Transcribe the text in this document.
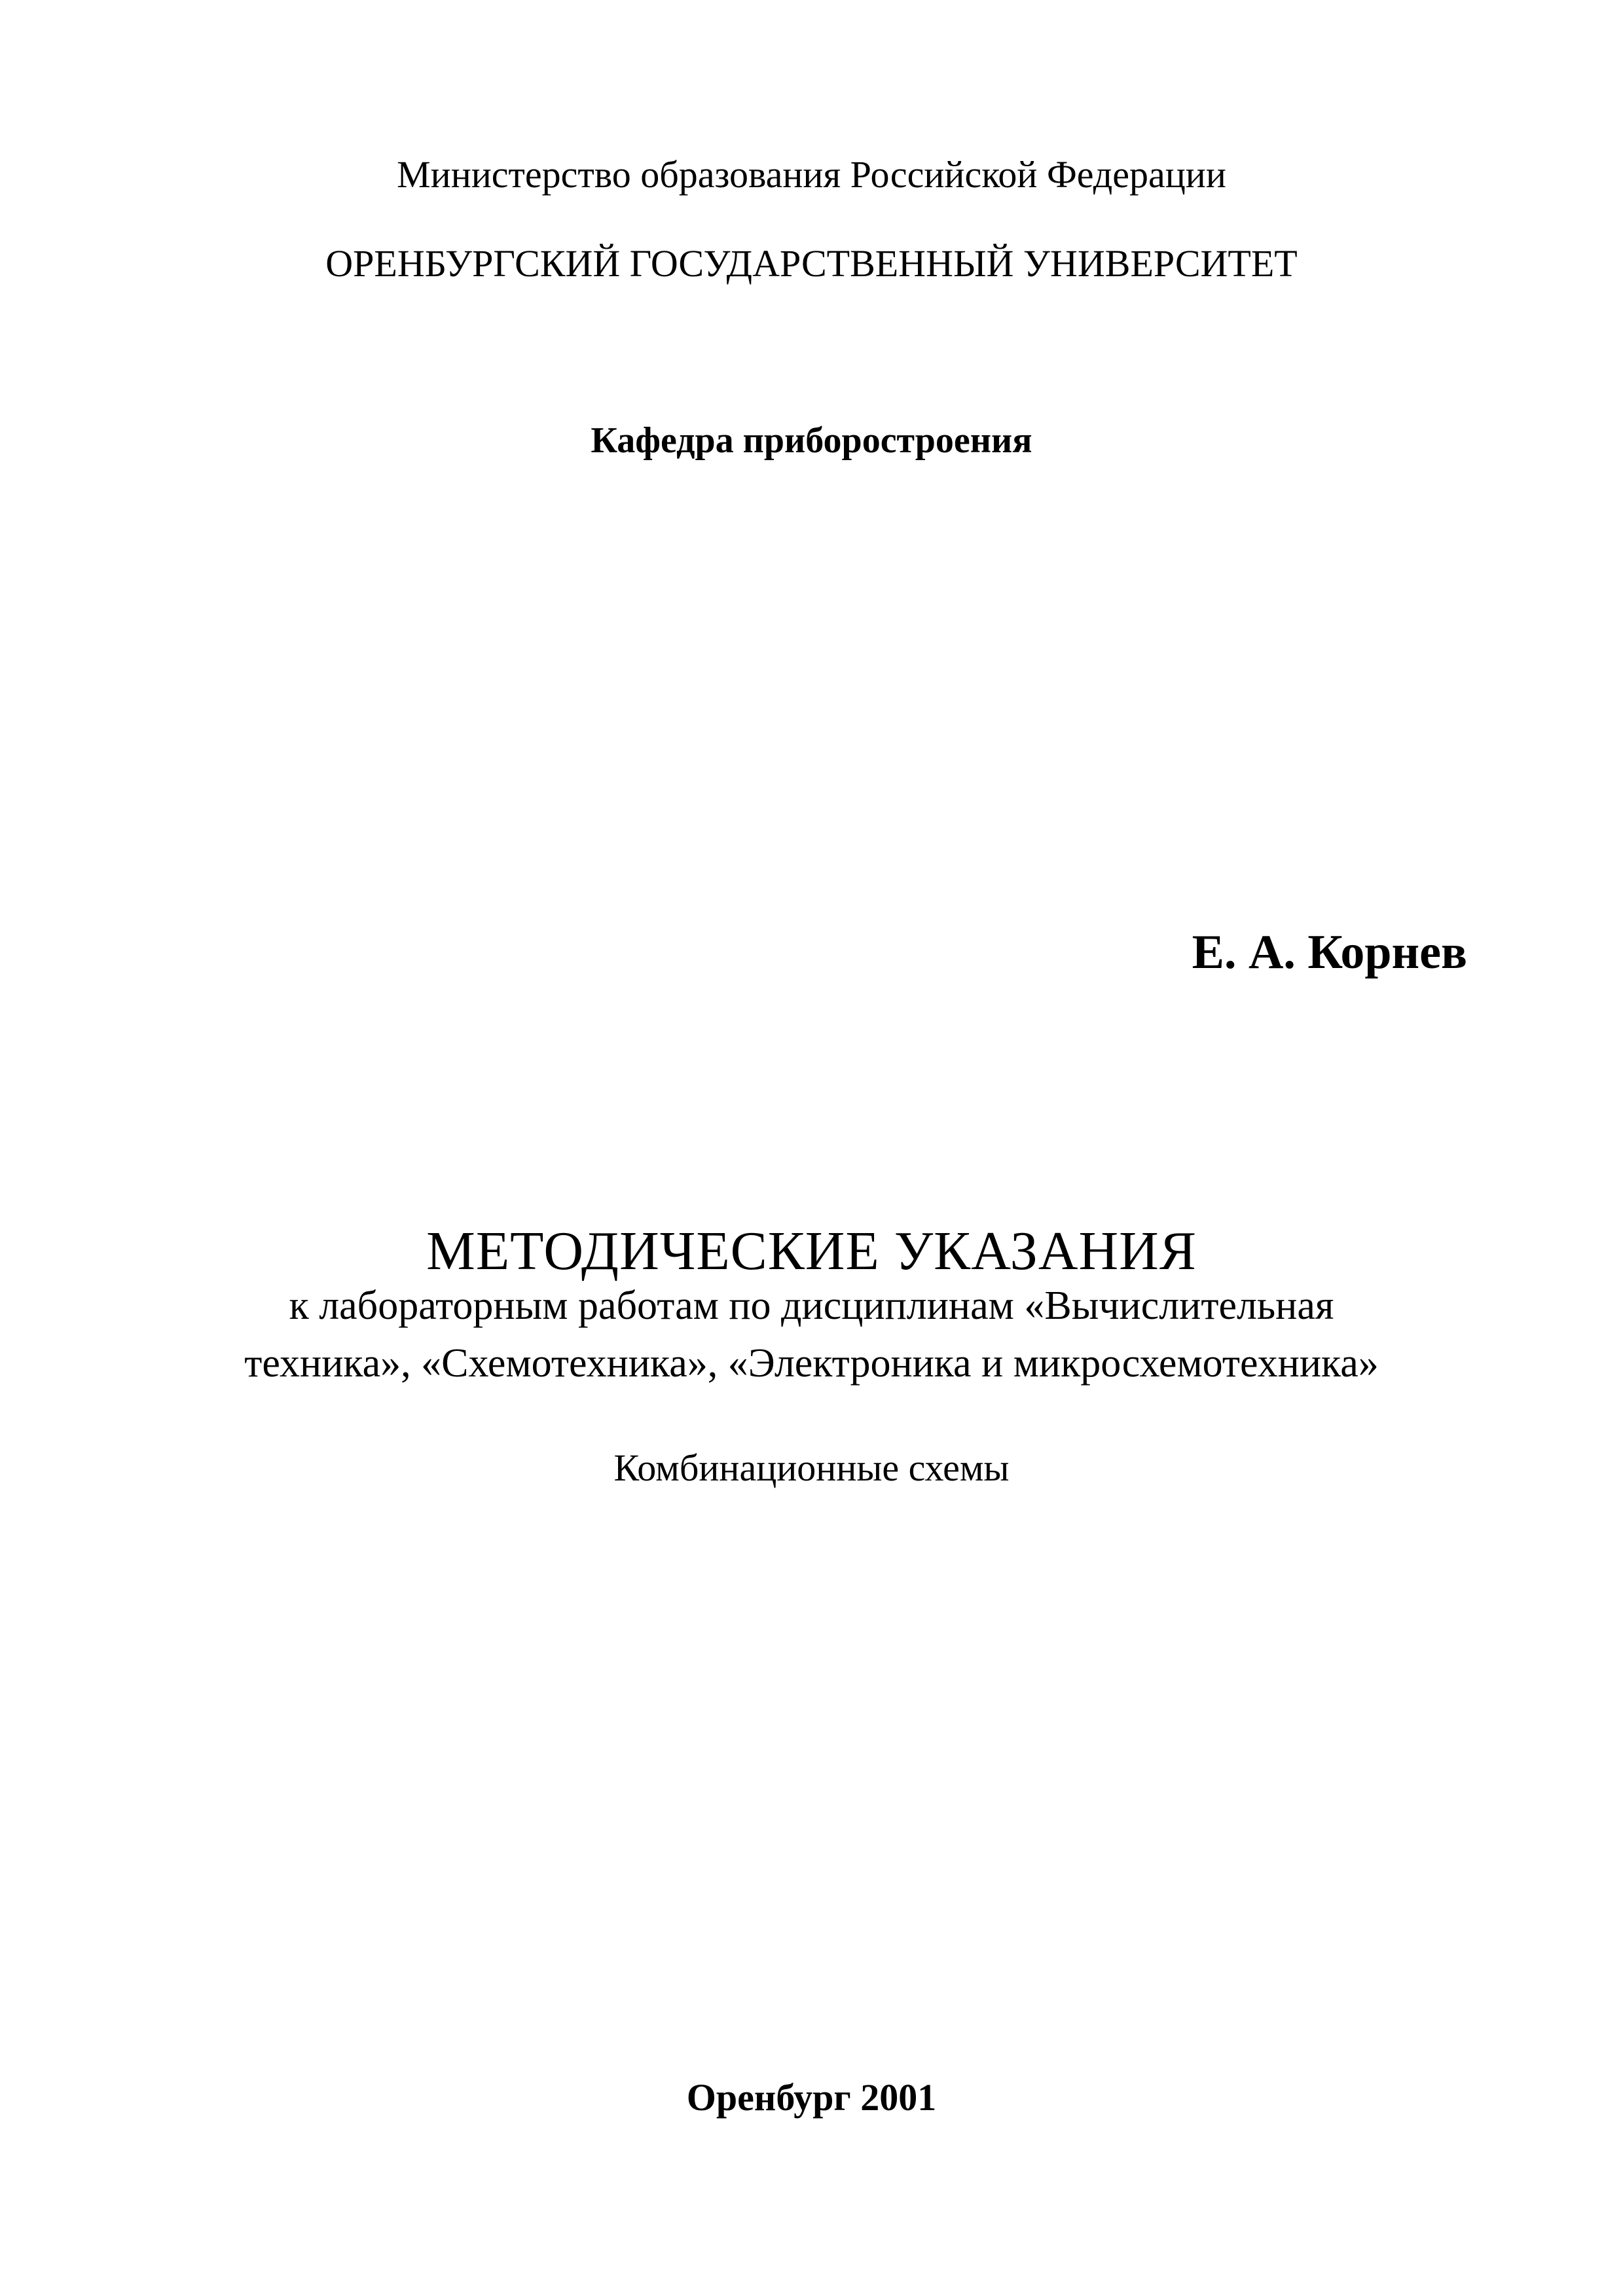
Министерство образования Российской Федерации
ОРЕНБУРГСКИЙ ГОСУДАРСТВЕННЫЙ УНИВЕРСИТЕТ
Кафедра приборостроения
Е. А. Корнев
МЕТОДИЧЕСКИЕ УКАЗАНИЯ
к лабораторным работам по дисциплинам «Вычислительная
техника», «Схемотехника», «Электроника и микросхемотехника»
Комбинационные схемы
Оренбург 2001
